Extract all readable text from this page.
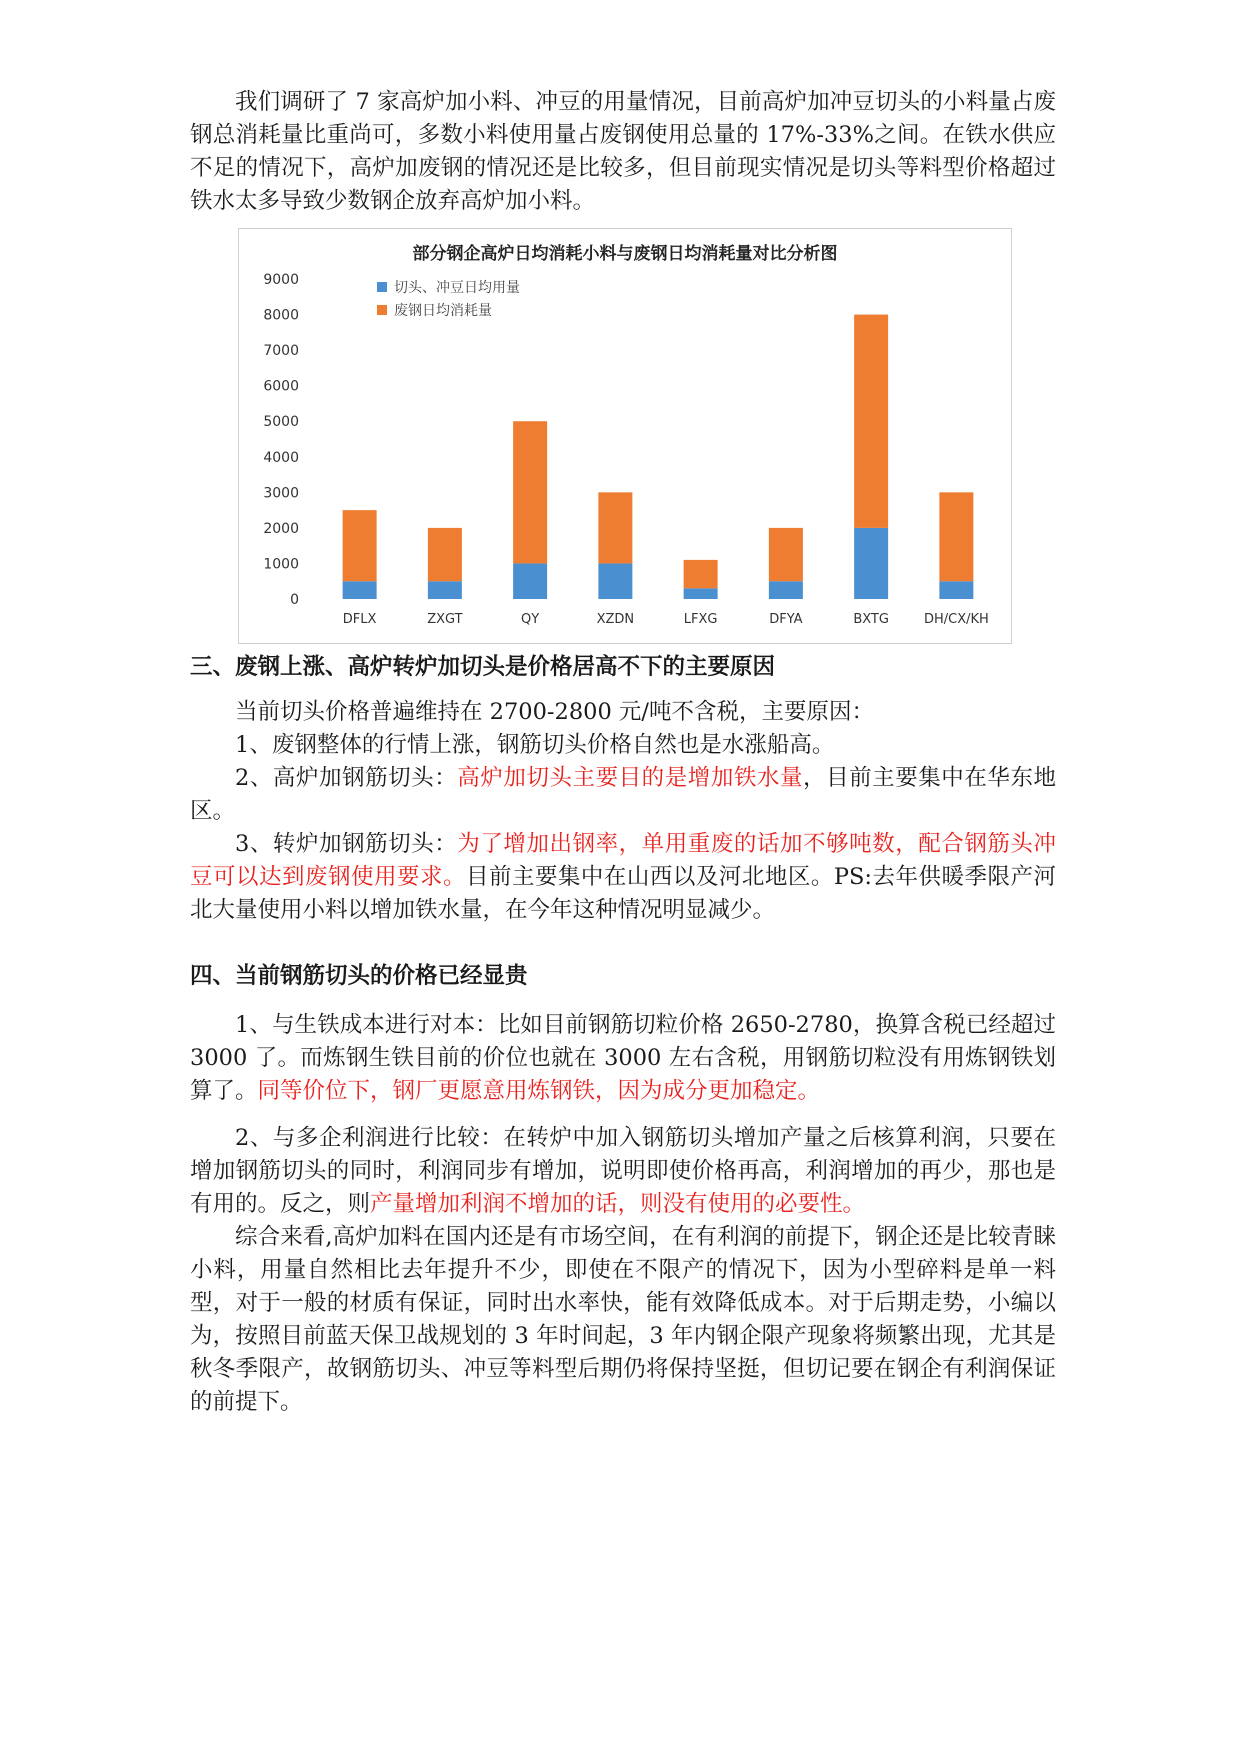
我们调研了 7 家高炉加小料、冲豆的用量情况，目前高炉加冲豆切头的小料量占废钢总消耗量比重尚可，多数小料使用量占废钢使用总量的 17%-33%之间。在铁水供应不足的情况下，高炉加废钢的情况还是比较多，但目前现实情况是切头等料型价格超过铁水太多导致少数钢企放弃高炉加小料。

部分钢企高炉日均消耗小料与废钢日均消耗量对比分析图
0
1000
2000
3000
4000
5000
6000
7000
8000
9000
DFLX	ZXGT	QY	XZDN	LFXG	DFYA	BXTG	DH/CX/KH
切头、冲豆日均用量
废钢日均消耗量
三、废钢上涨、高炉转炉加切头是价格居高不下的主要原因

当前切头价格普遍维持在 2700-2800 元/吨不含税，主要原因：

1、废钢整体的行情上涨，钢筋切头价格自然也是水涨船高。

2、高炉加钢筋切头：高炉加切头主要目的是增加铁水量，目前主要集中在华东地区。

3、转炉加钢筋切头：为了增加出钢率，单用重废的话加不够吨数，配合钢筋头冲豆可以达到废钢使用要求。目前主要集中在山西以及河北地区。PS:去年供暖季限产河北大量使用小料以增加铁水量，在今年这种情况明显减少。

四、当前钢筋切头的价格已经显贵

1、与生铁成本进行对本：比如目前钢筋切粒价格 2650-2780，换算含税已经超过 3000 了。而炼钢生铁目前的价位也就在 3000 左右含税，用钢筋切粒没有用炼钢铁划算了。同等价位下，钢厂更愿意用炼钢铁，因为成分更加稳定。

2、与多企利润进行比较：在转炉中加入钢筋切头增加产量之后核算利润，只要在增加钢筋切头的同时，利润同步有增加，说明即使价格再高，利润增加的再少，那也是有用的。反之，则产量增加利润不增加的话，则没有使用的必要性。

综合来看,高炉加料在国内还是有市场空间，在有利润的前提下，钢企还是比较青睐小料，用量自然相比去年提升不少，即使在不限产的情况下，因为小型碎料是单一料型，对于一般的材质有保证，同时出水率快，能有效降低成本。对于后期走势，小编以为，按照目前蓝天保卫战规划的 3 年时间起，3 年内钢企限产现象将频繁出现，尤其是秋冬季限产，故钢筋切头、冲豆等料型后期仍将保持坚挺，但切记要在钢企有利润保证的前提下。
